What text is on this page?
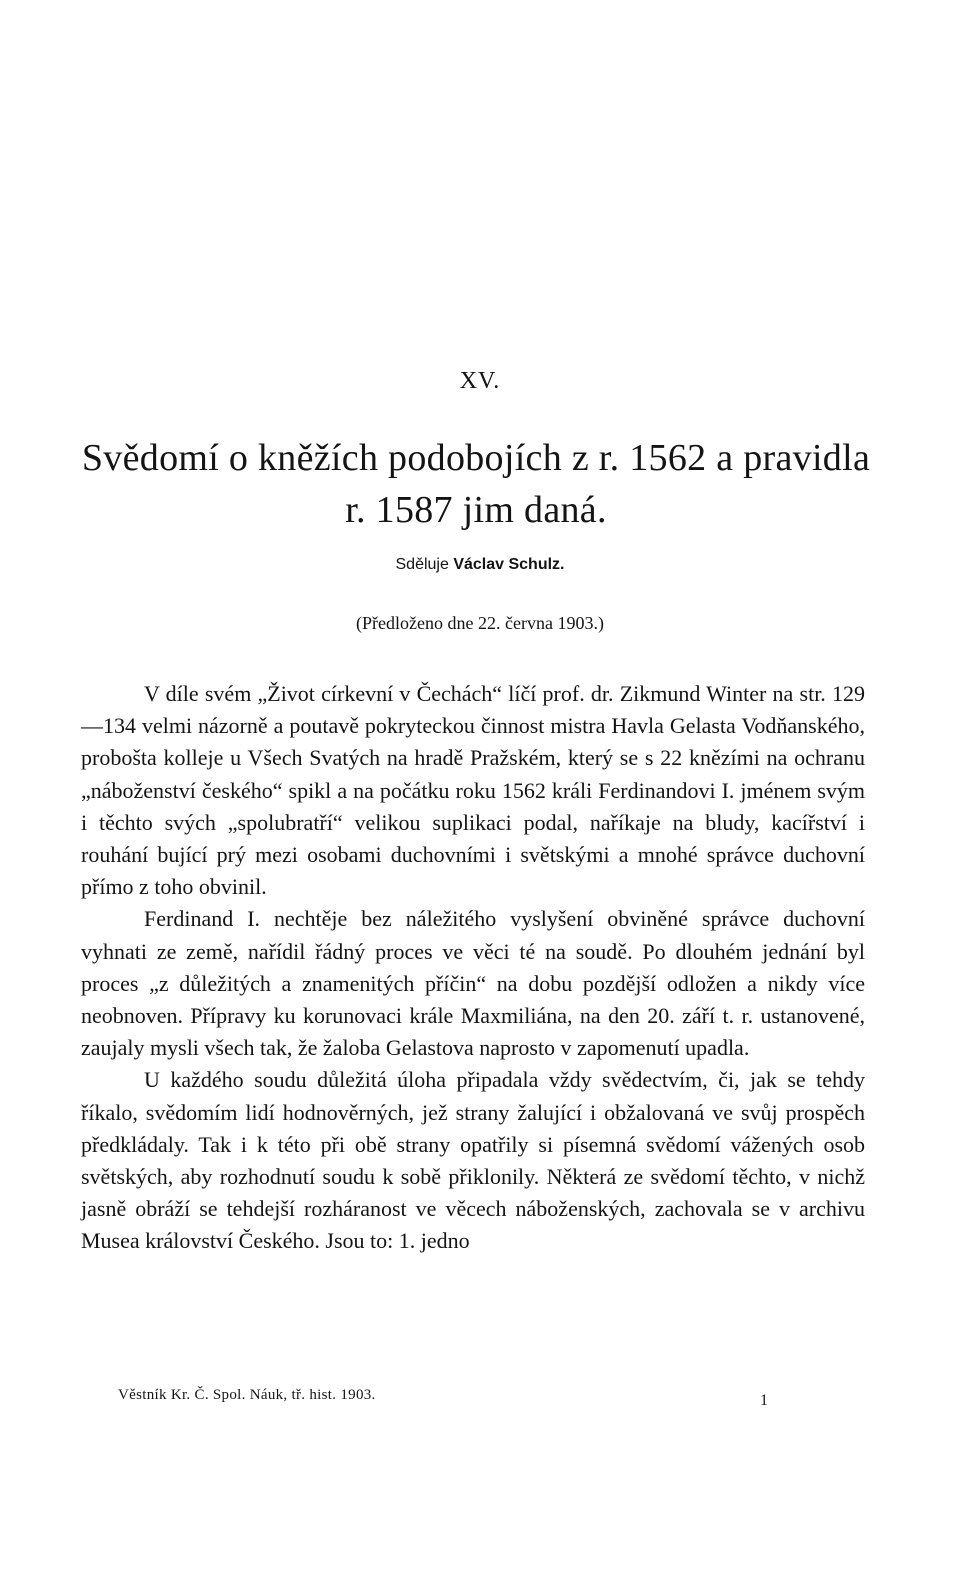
XV.
Svědomí o kněžích podobojích z r. 1562 a pravidla r. 1587 jim daná.
Sděluje Václav Schulz.
(Předloženo dne 22. června 1903.)

V díle svém „Život církevní v Čechách“ líčí prof. dr. Zikmund Winter na str. 129—134 velmi názorně a poutavě pokryteckou činnost mistra Havla Gelasta Vodňanského, probošta kolleje u Všech Svatých na hradě Pražském, který se s 22 knězími na ochranu „náboženství českého“ spikl a na počátku roku 1562 králi Ferdinandovi I. jménem svým i těchto svých „spolubratří“ velikou suplikaci podal, naříkaje na bludy, kacířství i rouhání bující prý mezi osobami duchovními i světskými a mnohé správce duchovní přímo z toho obvinil.

Ferdinand I. nechtěje bez náležitého vyslyšení obviněné správce duchovní vyhnati ze země, nařídil řádný proces ve věci té na soudě. Po dlouhém jednání byl proces „z důležitých a znamenitých příčin“ na dobu pozdější odložen a nikdy více neobnoven. Přípravy ku korunovaci krále Maxmiliána, na den 20. září t. r. ustanovené, zaujaly mysli všech tak, že žaloba Gelastova naprosto v zapomenutí upadla.

U každého soudu důležitá úloha připadala vždy svědectvím, či, jak se tehdy říkalo, svědomím lidí hodnověrných, jež strany žalující i obžalovaná ve svůj prospěch předkládaly. Tak i k této při obě strany opatřily si písemná svědomí vážených osob světských, aby rozhodnutí soudu k sobě přiklonily. Některá ze svědomí těchto, v nichž jasně obráží se tehdejší rozháranost ve věcech náboženských, zachovala se v archivu Musea království Českého. Jsou to: 1. jedno

Věstník Kr. Č. Spol. Náuk, tř. hist. 1903.	1
